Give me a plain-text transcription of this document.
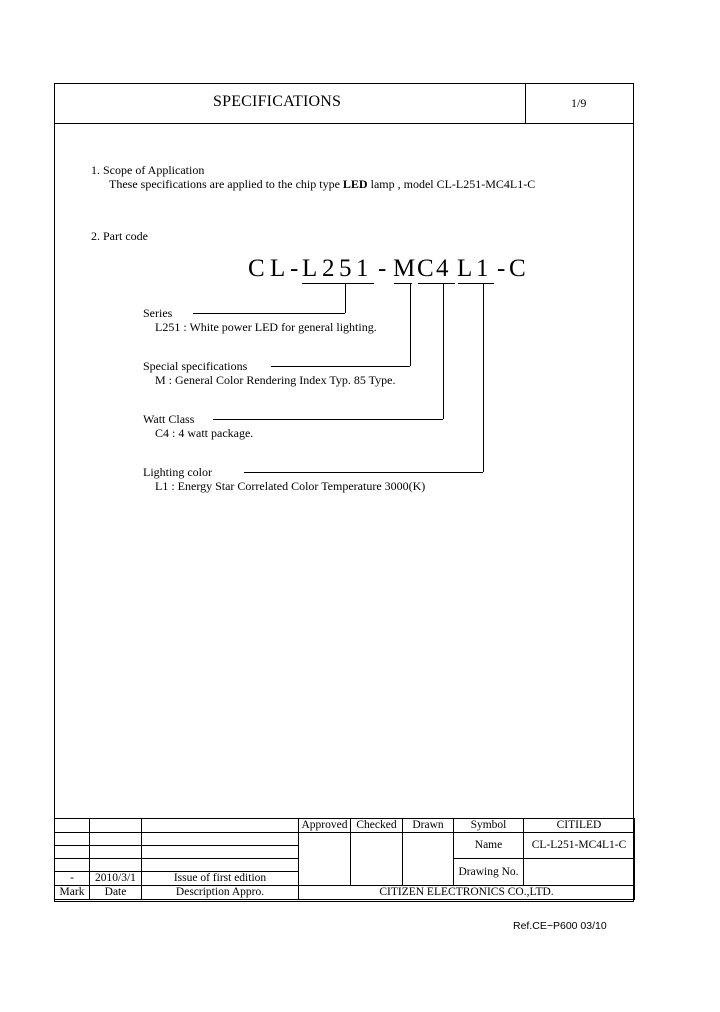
SPECIFICATIONS	1/9
1. Scope of Application
These specifications are applied to the chip type LED lamp , model CL-L251-MC4L1-C
2. Part code
C L - L 2 5 1 - M C 4 L 1 - C
Series
L251 : White power LED for general lighting.
Special specifications
M : General Color Rendering Index Typ. 85 Type.
Watt Class
C4 : 4 watt package.
Lighting color
L1 : Energy Star Correlated Color Temperature 3000(K)
			Approved	Checked	Drawn	Symbol	CITILED
						Name	CL-L251-MC4L1-C

						Drawing No.	
-	2010/3/1	Issue of first edition					
Mark	Date	Description Appro.	CITIZEN ELECTRONICS CO.,LTD.				
Ref.CE−P600 03/10
